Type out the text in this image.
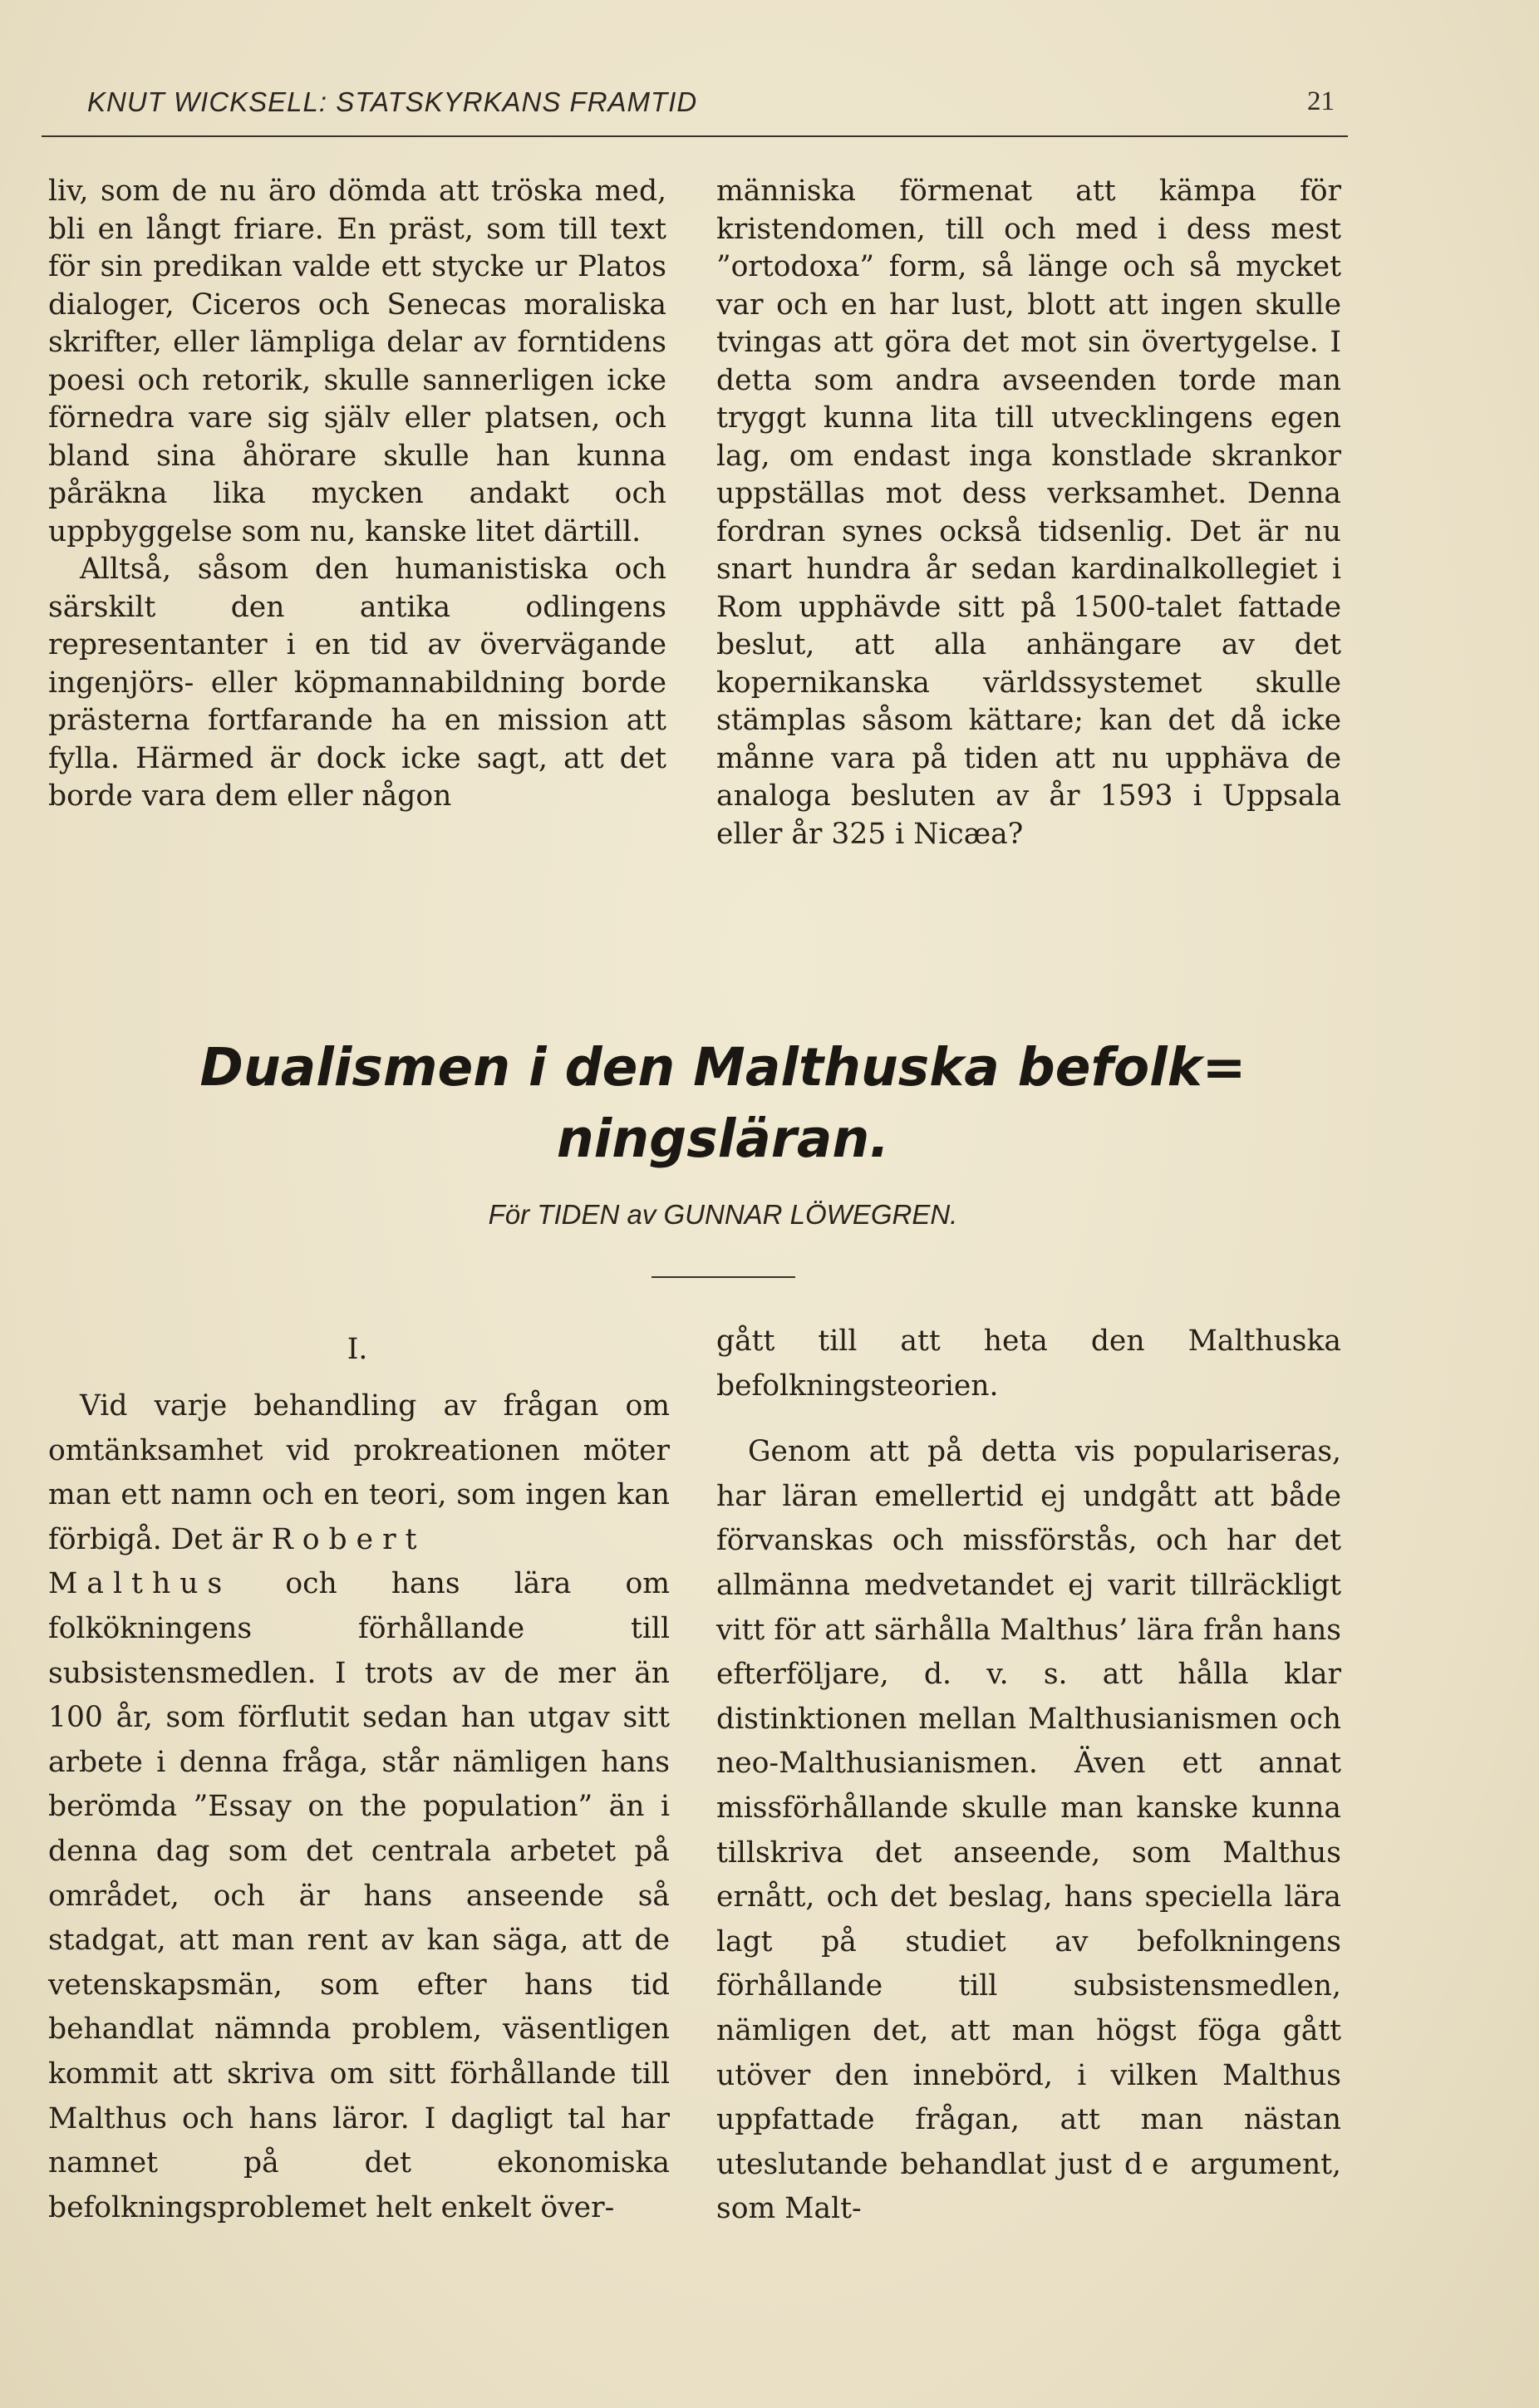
KNUT WICKSELL: STATSKYRKANS FRAMTID	21

liv, som de nu äro dömda att tröska med, bli en långt friare. En präst, som till text för sin predikan valde ett stycke ur Platos dialoger, Ciceros och Senecas moraliska skrifter, eller lämpliga delar av forntidens poesi och retorik, skulle sannerligen icke förnedra vare sig själv eller platsen, och bland sina åhörare skulle han kunna påräkna lika mycken andakt och uppbyggelse som nu, kanske litet därtill.

Alltså, såsom den humanistiska och särskilt den antika odlingens representanter i en tid av övervägande ingenjörs- eller köpmannabildning borde prästerna fortfarande ha en mission att fylla. Härmed är dock icke sagt, att det borde vara dem eller någon

människa förmenat att kämpa för kristendomen, till och med i dess mest ”ortodoxa” form, så länge och så mycket var och en har lust, blott att ingen skulle tvingas att göra det mot sin övertygelse. I detta som andra avseenden torde man tryggt kunna lita till utvecklingens egen lag, om endast inga konstlade skrankor uppställas mot dess verksamhet. Denna fordran synes också tidsenlig. Det är nu snart hundra år sedan kardinalkollegiet i Rom upphävde sitt på 1500-talet fattade beslut, att alla anhängare av det kopernikanska världssystemet skulle stämplas såsom kättare; kan det då icke månne vara på tiden att nu upphäva de analoga besluten av år 1593 i Uppsala eller år 325 i Nicæa?

Dualismen i den Malthuska befolk=
ningsläran.

För TIDEN av GUNNAR LÖWEGREN.

I.

Vid varje behandling av frågan om omtänksamhet vid prokreationen möter man ett namn och en teori, som ingen kan förbigå. Det är Robert
Malthus och hans lära om folkökningens förhållande till subsistensmedlen. I trots av de mer än 100 år, som förflutit sedan han utgav sitt arbete i denna fråga, står nämligen hans berömda ”Essay on the population” än i denna dag som det centrala arbetet på området, och är hans anseende så stadgat, att man rent av kan säga, att de vetenskapsmän, som efter hans tid behandlat nämnda problem, väsentligen kommit att skriva om sitt förhållande till Malthus och hans läror. I dagligt tal har namnet på det ekonomiska befolkningsproblemet helt enkelt över-

gått till att heta den Malthuska befolkningsteorien.

Genom att på detta vis populariseras, har läran emellertid ej undgått att både förvanskas och missförstås, och har det allmänna medvetandet ej varit tillräckligt vitt för att särhålla Malthus’ lära från hans efterföljare, d. v. s. att hålla klar distinktionen mellan Malthusianismen och neo-Malthusianismen. Även ett annat missförhållande skulle man kanske kunna tillskriva det anseende, som Malthus ernått, och det beslag, hans speciella lära lagt på studiet av befolkningens förhållande till subsistensmedlen, nämligen det, att man högst föga gått utöver den innebörd, i vilken Malthus uppfattade frågan, att man nästan uteslutande behandlat just de argument, som Malt-
